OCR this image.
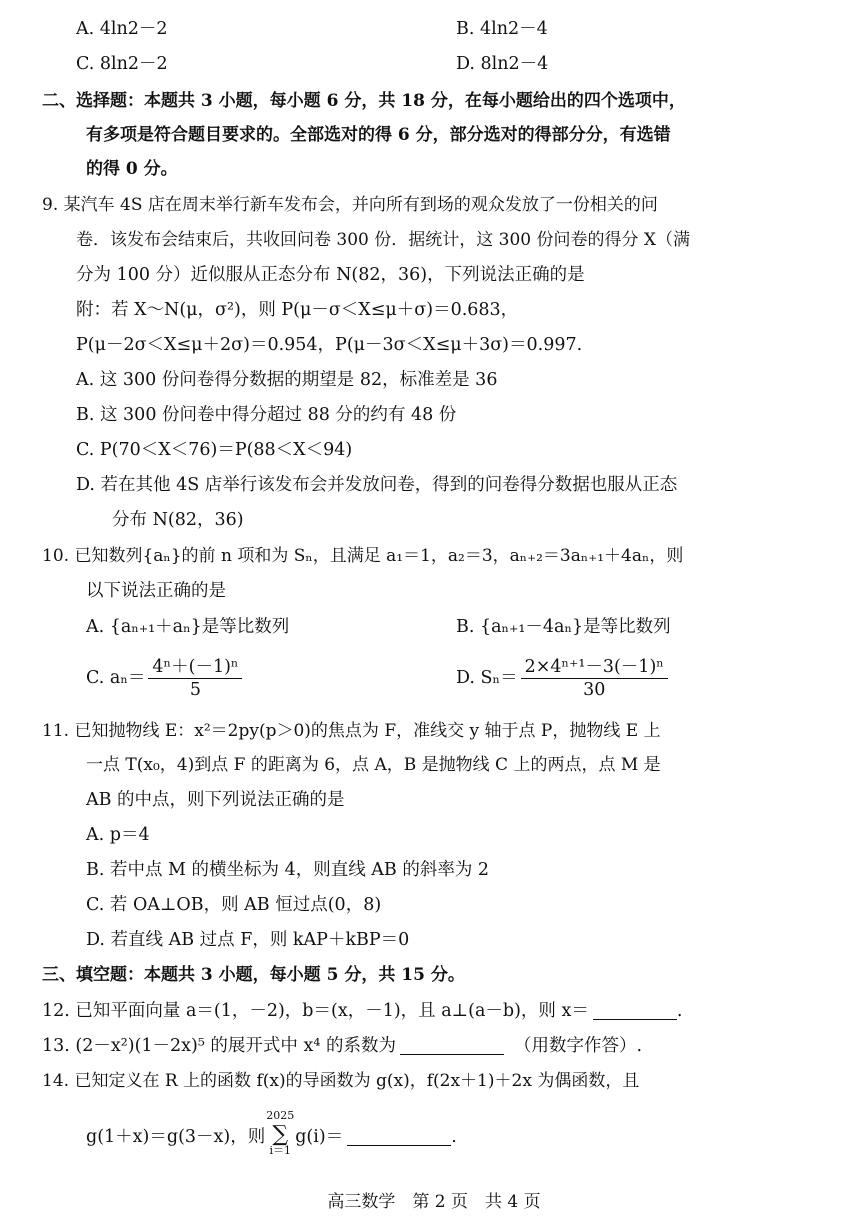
A. 4ln2－2	B. 4ln2－4
C. 8ln2－2	D. 8ln2－4
二、选择题：本题共 3 小题，每小题 6 分，共 18 分，在每小题给出的四个选项中，
有多项是符合题目要求的。全部选对的得 6 分，部分选对的得部分分，有选错
的得 0 分。
9. 某汽车 4S 店在周末举行新车发布会，并向所有到场的观众发放了一份相关的问
卷．该发布会结束后，共收回问卷 300 份．据统计，这 300 份问卷的得分 X（满
分为 100 分）近似服从正态分布 N(82，36)，下列说法正确的是
附：若 X～N(μ，σ²)，则 P(μ－σ＜X≤μ＋σ)＝0.683，
P(μ－2σ＜X≤μ＋2σ)＝0.954，P(μ－3σ＜X≤μ＋3σ)＝0.997.
A. 这 300 份问卷得分数据的期望是 82，标准差是 36
B. 这 300 份问卷中得分超过 88 分的约有 48 份
C. P(70＜X＜76)＝P(88＜X＜94)
D. 若在其他 4S 店举行该发布会并发放问卷，得到的问卷得分数据也服从正态
分布 N(82，36)
10. 已知数列{aₙ}的前 n 项和为 Sₙ，且满足 a₁＝1，a₂＝3，aₙ₊₂＝3aₙ₊₁＋4aₙ，则
以下说法正确的是
A. {aₙ₊₁＋aₙ}是等比数列	B. {aₙ₊₁－4aₙ}是等比数列
C. $a_n= \frac{\text{4ⁿ＋(－1)ⁿ}}{5}$	D. $S_n= \frac{\text{2×4ⁿ⁺¹－3(－1)ⁿ}}{30}$
11. 已知抛物线 E：x²＝2py(p＞0)的焦点为 F，准线交 y 轴于点 P，抛物线 E 上
一点 T(x₀，4)到点 F 的距离为 6，点 A，B 是抛物线 C 上的两点，点 M 是
AB 的中点，则下列说法正确的是
A. p＝4
B. 若中点 M 的横坐标为 4，则直线 AB 的斜率为 2
C. 若 OA⊥OB，则 AB 恒过点(0，8)
D. 若直线 AB 过点 F，则 kAP＋kBP＝0
三、填空题：本题共 3 小题，每小题 5 分，共 15 分。
12. 已知平面向量 a＝(1，－2)，b＝(x，－1)，且 a⊥(a－b)，则 x＝	.
13. (2－x²)(1－2x)⁵ 的展开式中 x⁴ 的系数为	（用数字作答）.
14. 已知定义在 R 上的函数 f(x)的导函数为 g(x)，f(2x＋1)＋2x 为偶函数，且
g(1＋x)＝g(3－x)，则
2025
∑
i＝1
g(i)＝	.
高三数学　第 2 页　共 4 页
